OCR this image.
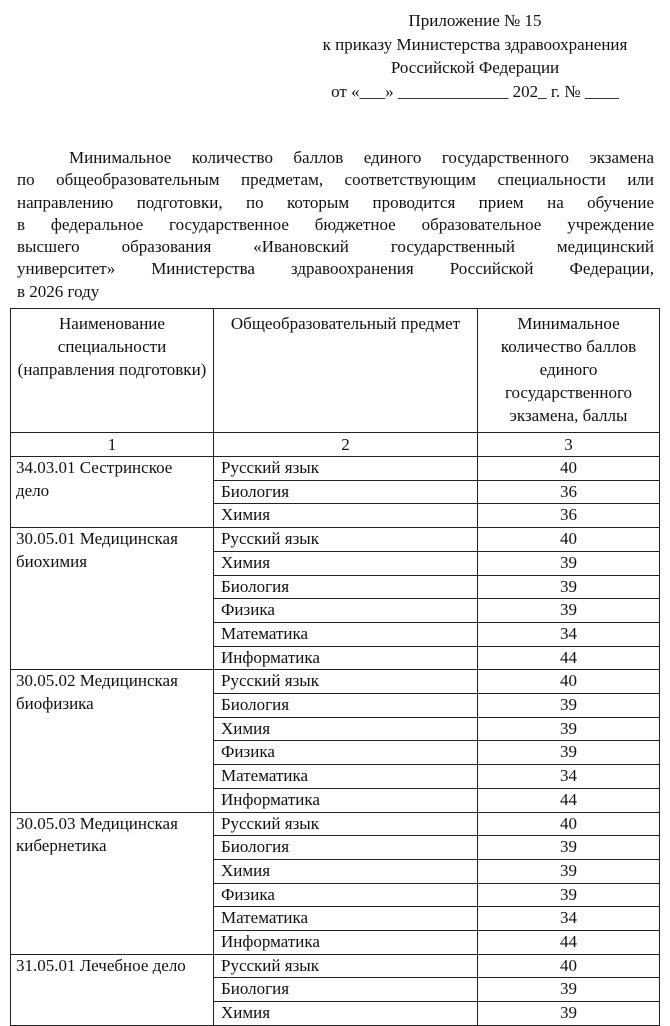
Приложение № 15
к приказу Министерства здравоохранения
Российской Федерации
от «___» _____________ 202_ г. № ____
Минимальное количество баллов единого государственного экзамена
по общеобразовательным предметам, соответствующим специальности или
направлению подготовки, по которым проводится прием на обучение
в федеральное государственное бюджетное образовательное учреждение
высшего образования «Ивановский государственный медицинский
университет» Министерства здравоохранения Российской Федерации,
в 2026 году
Наименование специальности (направления подготовки)	Общеобразовательный предмет	Минимальное количество баллов единого государственного экзамена, баллы
1	2	3
34.03.01 Сестринское дело	Русский язык	40
	Биология	36
	Химия	36
30.05.01 Медицинская биохимия	Русский язык	40
	Химия	39
	Биология	39
	Физика	39
	Математика	34
	Информатика	44
30.05.02 Медицинская биофизика	Русский язык	40
	Биология	39
	Химия	39
	Физика	39
	Математика	34
	Информатика	44
30.05.03 Медицинская кибернетика	Русский язык	40
	Биология	39
	Химия	39
	Физика	39
	Математика	34
	Информатика	44
31.05.01 Лечебное дело	Русский язык	40
	Биология	39
	Химия	39
